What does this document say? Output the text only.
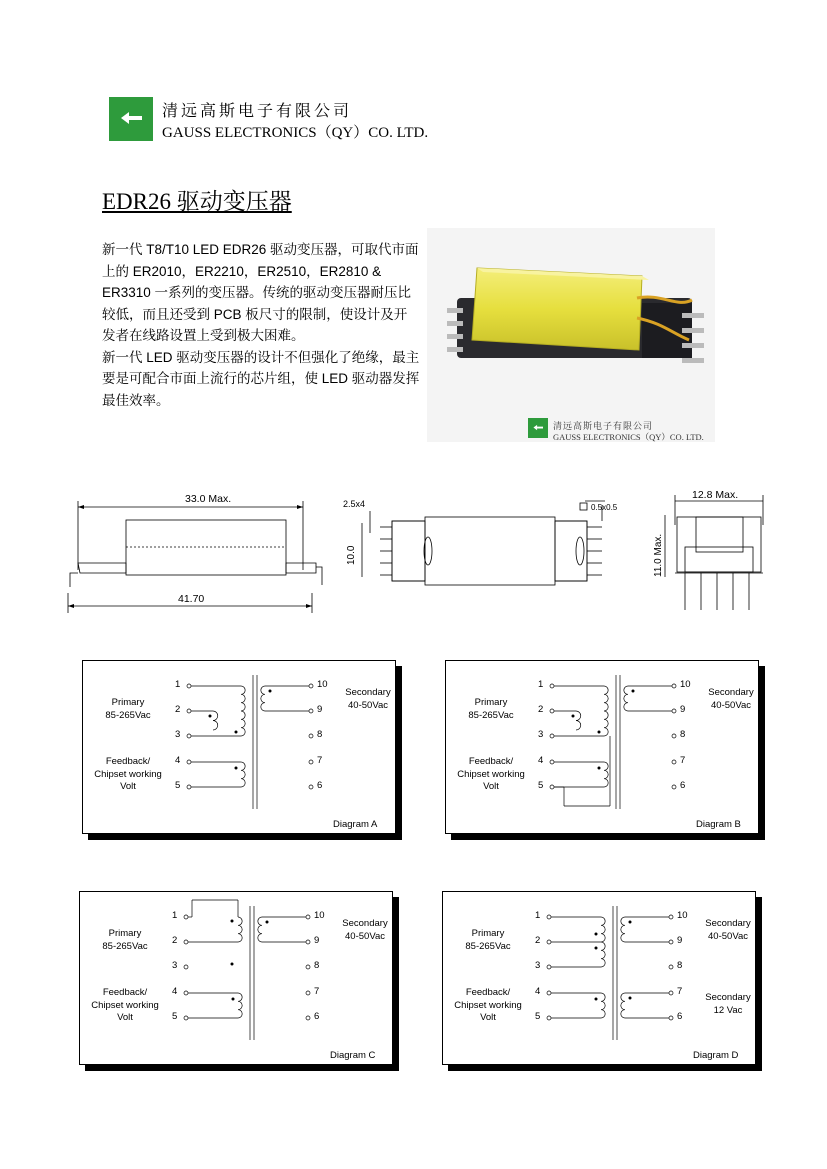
清远高斯电子有限公司
GAUSS ELECTRONICS（QY）CO. LTD.
EDR26 驱动变压器

新一代 T8/T10 LED EDR26 驱动变压器，可取代市面上的 ER2010，ER2210，ER2510，ER2810 & ER3310 一系列的变压器。传统的驱动变压器耐压比较低，而且还受到 PCB 板尺寸的限制，使设计及开发者在线路设置上受到极大困难。

新一代 LED 驱动变压器的设计不但强化了绝缘，最主要是可配合市面上流行的芯片组，使 LED 驱动器发挥最佳效率。

清远高斯电子有限公司
GAUSS ELECTRONICS（QY）CO. LTD.
33.0 Max.
41.70
2.5x4
10.0
0.5x0.5
12.8 Max.
11.0 Max.
1
2
3
4
5
10
9
8
7
6
Primary
85-265Vac
Feedback/
Chipset working
Volt
Secondary
40-50Vac
Diagram A
1
2
3
4
5
10
9
8
7
6
Primary
85-265Vac
Feedback/
Chipset working
Volt
Secondary
40-50Vac
Diagram B
1
2
3
4
5
10
9
8
7
6
Primary
85-265Vac
Feedback/
Chipset working
Volt
Secondary
40-50Vac
Diagram C
1
2
3
4
5
10
9
8
7
6
Primary
85-265Vac
Feedback/
Chipset working
Volt
Secondary
40-50Vac
Secondary
12 Vac
Diagram D
